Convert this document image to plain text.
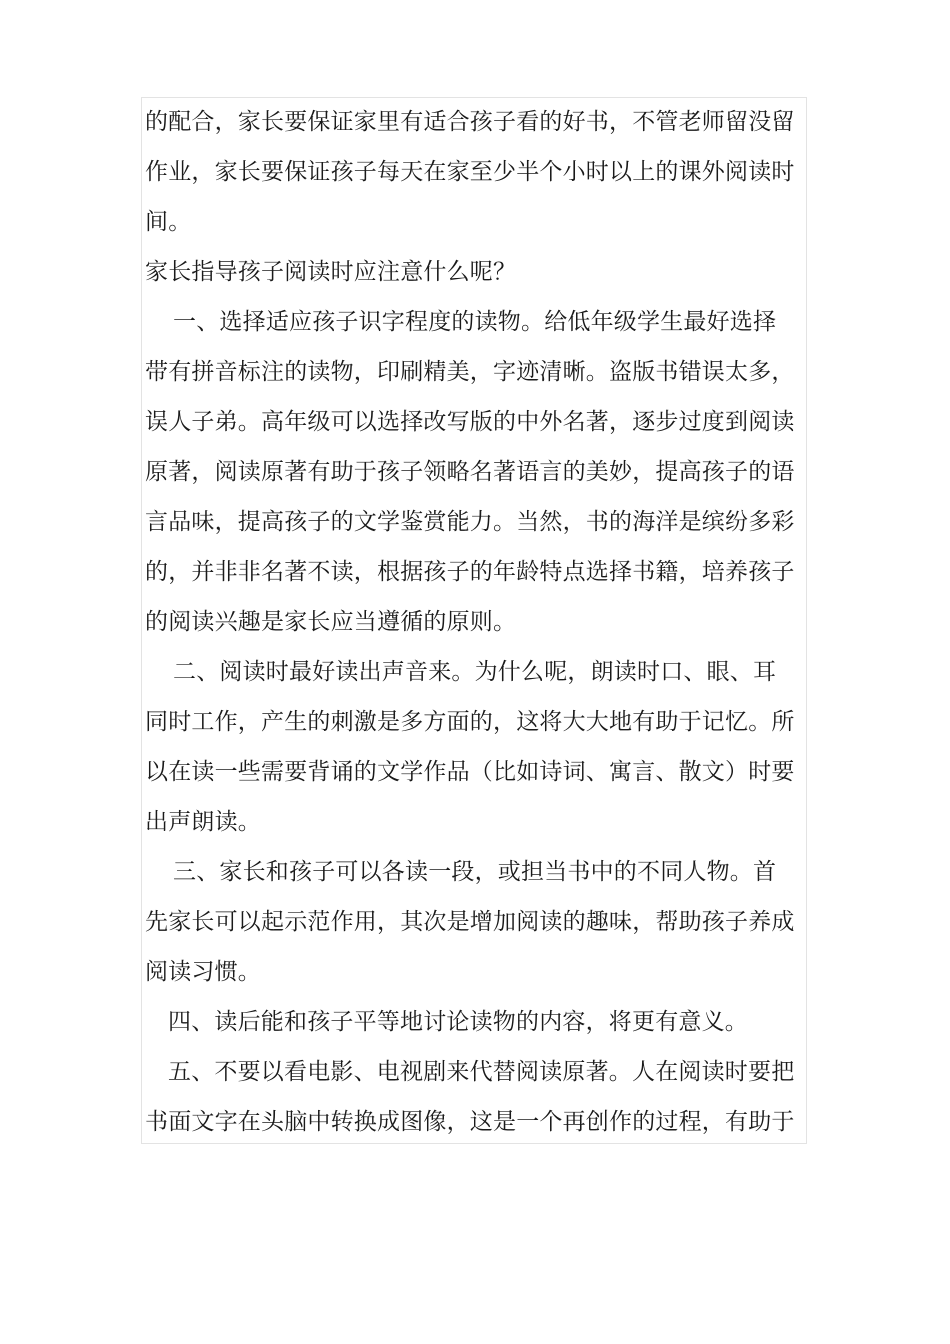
的配合，家长要保证家里有适合孩子看的好书，不管老师留没留
作业，家长要保证孩子每天在家至少半个小时以上的课外阅读时
间。
家长指导孩子阅读时应注意什么呢？
一、选择适应孩子识字程度的读物。给低年级学生最好选择
带有拼音标注的读物，印刷精美，字迹清晰。盗版书错误太多，
误人子弟。高年级可以选择改写版的中外名著，逐步过度到阅读
原著，阅读原著有助于孩子领略名著语言的美妙，提高孩子的语
言品味，提高孩子的文学鉴赏能力。当然，书的海洋是缤纷多彩
的，并非非名著不读，根据孩子的年龄特点选择书籍，培养孩子
的阅读兴趣是家长应当遵循的原则。
二、阅读时最好读出声音来。为什么呢，朗读时口、眼、耳
同时工作，产生的刺激是多方面的，这将大大地有助于记忆。所
以在读一些需要背诵的文学作品（比如诗词、寓言、散文）时要
出声朗读。
三、家长和孩子可以各读一段，或担当书中的不同人物。首
先家长可以起示范作用，其次是增加阅读的趣味，帮助孩子养成
阅读习惯。
四、读后能和孩子平等地讨论读物的内容，将更有意义。
五、不要以看电影、电视剧来代替阅读原著。人在阅读时要把
书面文字在头脑中转换成图像，这是一个再创作的过程，有助于
